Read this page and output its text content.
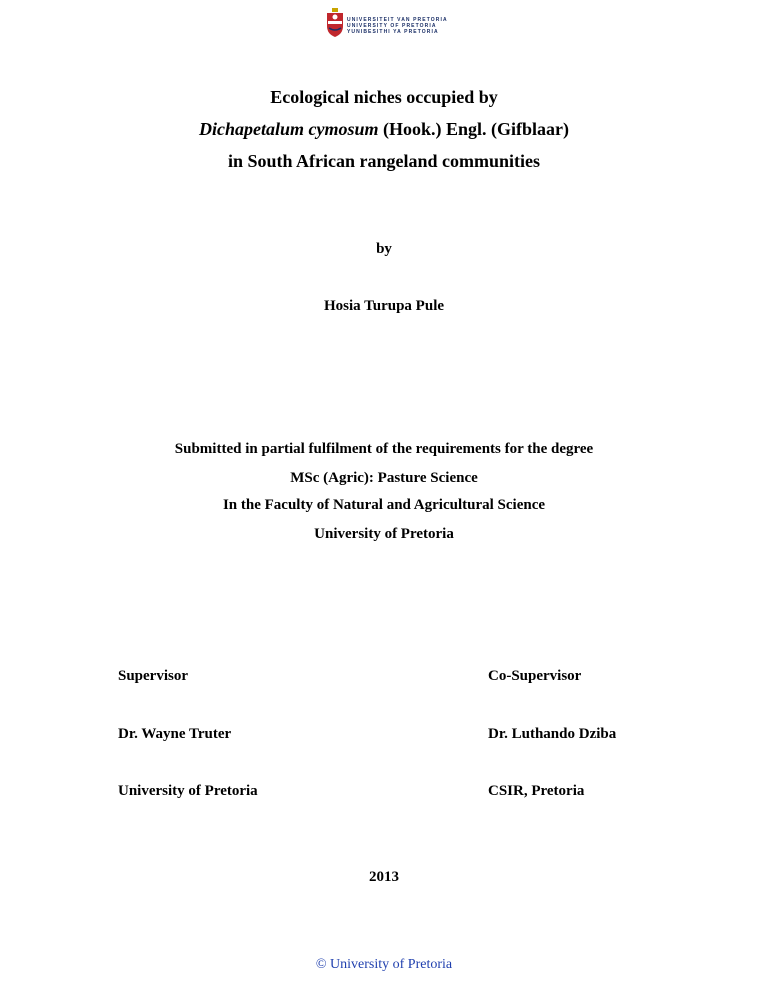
UNIVERSITEIT VAN PRETORIA
UNIVERSITY OF PRETORIA
YUNIBESITHI YA PRETORIA
Ecological niches occupied by
Dichapetalum cymosum (Hook.) Engl. (Gifblaar)
in South African rangeland communities
by
Hosia Turupa Pule
Submitted in partial fulfilment of the requirements for the degree
MSc (Agric): Pasture Science
In the Faculty of Natural and Agricultural Science
University of Pretoria
Supervisor	Co-Supervisor
Dr. Wayne Truter	Dr. Luthando Dziba
University of Pretoria	CSIR, Pretoria
2013
© University of Pretoria
